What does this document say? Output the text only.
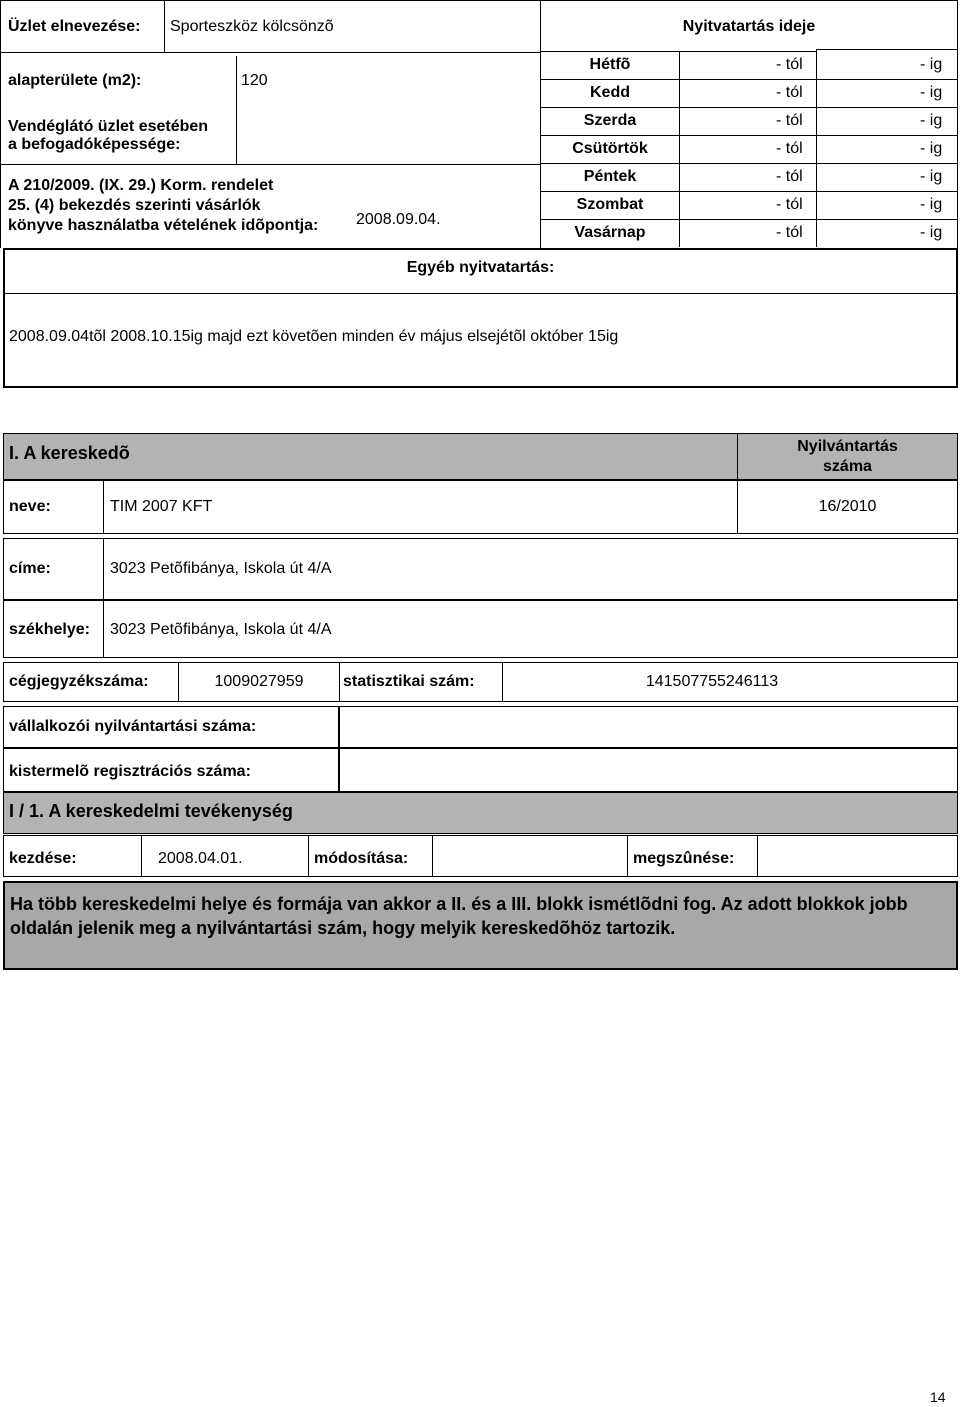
Üzlet elnevezése: Sporteszköz kölcsönzõ
alapterülete (m2):	120
Vendéglátó üzlet esetében
a befogadóképessége:
A 210/2009. (IX. 29.) Korm. rendelet
25. (4) bekezdés szerinti vásárlók
könyve használatba vételének idõpontja: 2008.09.04.
Nyitvatartás ideje
Hétfõ	- tól	- ig
Kedd	- tól	- ig
Szerda	- tól	- ig
Csütörtök	- tól	- ig
Péntek	- tól	- ig
Szombat	- tól	- ig
Vasárnap	- tól	- ig
Egyéb nyitvatartás:
2008.09.04tõl 2008.10.15ig majd ezt követõen minden év május elsejétõl október 15ig
I. A kereskedõ	Nyilvántartás
száma
neve:	TIM 2007 KFT	16/2010
címe:	3023 Petõfibánya, Iskola út 4/A
székhelye: 3023 Petõfibánya, Iskola út 4/A
cégjegyzékszáma:	1009027959	statisztikai szám:	141507755246113
vállalkozói nyilvántartási száma:
kistermelõ regisztrációs száma:
I / 1. A kereskedelmi tevékenység
kezdése:	2008.04.01.	módosítása:	megszûnése:
Ha több kereskedelmi helye és formája van akkor a II. és a III. blokk ismétlõdni fog. Az adott blokkok jobb oldalán jelenik meg a nyilvántartási szám, hogy melyik kereskedõhöz tartozik.
14
